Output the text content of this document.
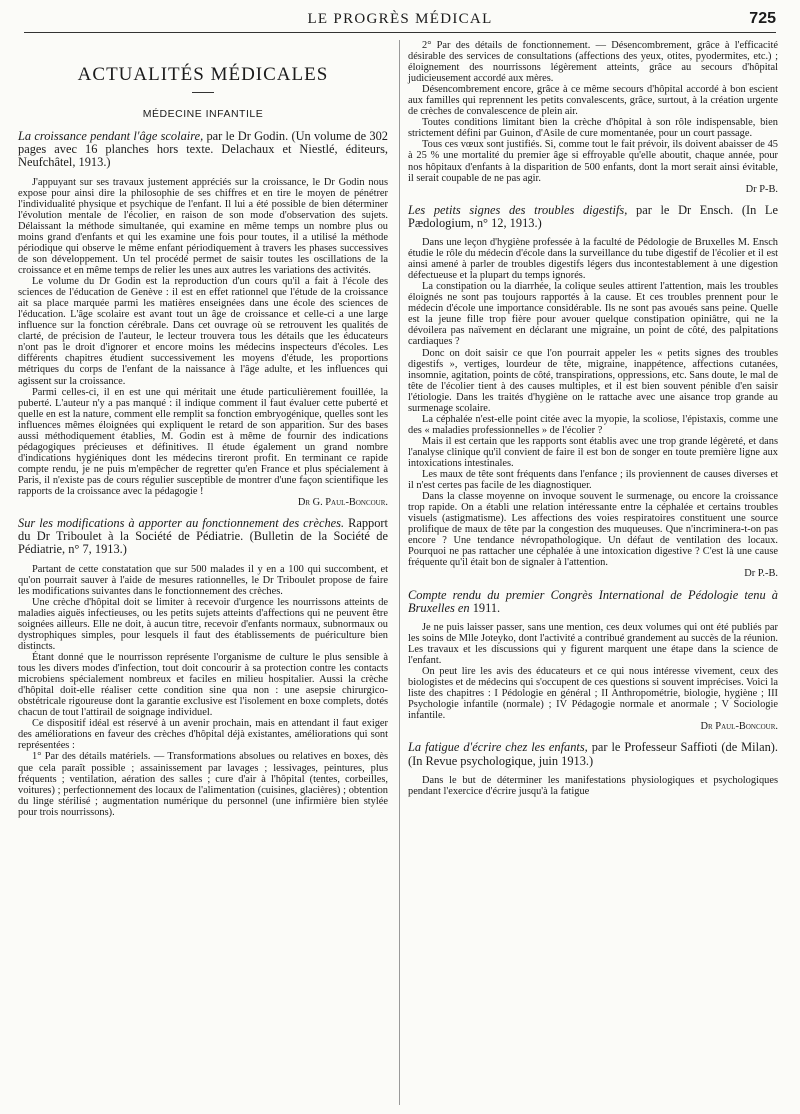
LE PROGRÈS MÉDICAL	725
ACTUALITÉS MÉDICALES
MÉDECINE INFANTILE
La croissance pendant l'âge scolaire, par le Dr Godin. (Un volume de 302 pages avec 16 planches hors texte. Delachaux et Niestlé, éditeurs, Neufchâtel, 1913.)

J'appuyant sur ses travaux justement appréciés sur la croissance, le Dr Godin nous expose pour ainsi dire la philosophie de ses chiffres et en tire le moyen de pénétrer l'individualité physique et psychique de l'enfant. Il lui a été possible de bien déterminer l'évolution mentale de l'écolier, en raison de son mode d'observation des sujets. Délaissant la méthode simultanée, qui examine en même temps un nombre plus ou moins grand d'enfants et qui les examine une fois pour toutes, il a utilisé la méthode périodique qui observe le même enfant périodiquement à travers les phases successives de son développement. Un tel procédé permet de saisir toutes les oscillations de la croissance et en même temps de relier les unes aux autres les variations des activités.

Le volume du Dr Godin est la reproduction d'un cours qu'il a fait à l'école des sciences de l'éducation de Genève : il est en effet rationnel que l'étude de la croissance ait sa place marquée parmi les matières enseignées dans une école des sciences de l'éducation. L'âge scolaire est avant tout un âge de croissance et celle-ci a une large influence sur la fonction cérébrale. Dans cet ouvrage où se retrouvent les qualités de clarté, de précision de l'auteur, le lecteur trouvera tous les détails que les éducateurs n'ont pas le droit d'ignorer et encore moins les médecins inspecteurs d'écoles. Les différents chapitres étudient successivement les moyens d'étude, les proportions métriques du corps de l'enfant de la naissance à l'âge adulte, et les influences qui agissent sur la croissance.

Parmi celles-ci, il en est une qui méritait une étude particulièrement fouillée, la puberté. L'auteur n'y a pas manqué : il indique comment il faut évaluer cette puberté et quelle en est la nature, comment elle remplit sa fonction embryogénique, quelles sont les influences mêmes éloignées qui expliquent le retard de son apparition. Sur des bases aussi méthodiquement établies, M. Godin est à même de fournir des indications pédagogiques précieuses et définitives. Il étude également un grand nombre d'indications hygiéniques dont les médecins tireront profit. En terminant ce rapide compte rendu, je ne puis m'empêcher de regretter qu'en France et plus spécialement à Paris, il n'existe pas de cours régulier susceptible de montrer d'une façon scientifique les rapports de la croissance avec la pédagogie !

Dr G. Paul-Boncour.
Sur les modifications à apporter au fonctionnement des crèches. Rapport du Dr Triboulet à la Société de Pédiatrie. (Bulletin de la Société de Pédiatrie, n° 7, 1913.)

Partant de cette constatation que sur 500 malades il y en a 100 qui succombent, et qu'on pourrait sauver à l'aide de mesures rationnelles, le Dr Triboulet propose de faire les modifications suivantes dans le fonctionnement des crèches.

Une crèche d'hôpital doit se limiter à recevoir d'urgence les nourrissons atteints de maladies aiguës infectieuses, ou les petits sujets atteints d'affections qui ne peuvent être soignées ailleurs. Elle ne doit, à aucun titre, recevoir d'enfants normaux, subnormaux ou dystrophiques simples, pour lesquels il faut des établissements de puériculture bien distincts.

Étant donné que le nourrisson représente l'organisme de culture le plus sensible à tous les divers modes d'infection, tout doit concourir à sa protection contre les contacts microbiens spécialement nombreux et faciles en milieu hospitalier. Aussi la crèche d'hôpital doit-elle réaliser cette condition sine qua non : une asepsie chirurgico-obstétricale rigoureuse dont la garantie exclusive est l'isolement en boxe complets, dotés chacun de tout l'attirail de soignage individuel.

Ce dispositif idéal est réservé à un avenir prochain, mais en attendant il faut exiger des améliorations en faveur des crèches d'hôpital déjà existantes, améliorations qui sont représentées :

1° Par des détails matériels. — Transformations absolues ou relatives en boxes, dès que cela paraît possible ; assainissement par lavages ; lessivages, peintures, plus fréquents ; ventilation, aération des salles ; cure d'air à l'hôpital (tentes, corbeilles, voitures) ; perfectionnement des locaux de l'alimentation (cuisines, glacières) ; obtention du linge stérilisé ; augmentation numérique du personnel (une infirmière bien stylée pour trois nourrissons).

2° Par des détails de fonctionnement. — Désencombrement, grâce à l'efficacité désirable des services de consultations (affections des yeux, otites, pyodermites, etc.) ; éloignement des nourrissons légèrement atteints, grâce au secours d'hôpital judicieusement accordé aux mères.

Désencombrement encore, grâce à ce même secours d'hôpital accordé à bon escient aux familles qui reprennent les petits convalescents, grâce, surtout, à la création urgente de crèches de convalescence de plein air.

Toutes conditions limitant bien la crèche d'hôpital à son rôle indispensable, bien strictement défini par Guinon, d'Asile de cure momentanée, pour un court passage.

Tous ces vœux sont justifiés. Si, comme tout le fait prévoir, ils doivent abaisser de 45 à 25 % une mortalité du premier âge si effroyable qu'elle aboutit, chaque année, pour nos hôpitaux d'enfants à la disparition de 500 enfants, dont la mort serait ainsi évitable, il serait coupable de ne pas agir.

Dr P-B.
Les petits signes des troubles digestifs, par le Dr Ensch. (In Le Pædologium, n° 12, 1913.)

Dans une leçon d'hygiène professée à la faculté de Pédologie de Bruxelles M. Ensch étudie le rôle du médecin d'école dans la surveillance du tube digestif de l'écolier et il est ainsi amené à parler de troubles digestifs légers dus incontestablement à une digestion défectueuse et la plupart du temps ignorés.

La constipation ou la diarrhée, la colique seules attirent l'attention, mais les troubles éloignés ne sont pas toujours rapportés à la cause. Et ces troubles prennent pour le médecin d'école une importance considérable. Ils ne sont pas avoués sans peine. Quelle est la jeune fille trop fière pour avouer quelque constipation opiniâtre, qui ne la dévoilera pas naïvement en déclarant une migraine, un point de côté, des palpitations cardiaques ?

Donc on doit saisir ce que l'on pourrait appeler les « petits signes des troubles digestifs », vertiges, lourdeur de tête, migraine, inappétence, affections cutanées, insomnie, agitation, points de côté, transpirations, oppressions, etc. Sans doute, le mal de tête de l'écolier tient à des causes multiples, et il est bien souvent pénible d'en saisir l'étiologie. Dans les traités d'hygiène on le rattache avec une aisance trop grande au surmenage scolaire.

La céphalée n'est-elle point citée avec la myopie, la scoliose, l'épistaxis, comme une des « maladies professionnelles » de l'écolier ?

Mais il est certain que les rapports sont établis avec une trop grande légèreté, et dans l'analyse clinique qu'il convient de faire il est bon de songer en toute première ligne aux intoxications intestinales.

Les maux de tête sont fréquents dans l'enfance ; ils proviennent de causes diverses et il n'est certes pas facile de les diagnostiquer.

Dans la classe moyenne on invoque souvent le surmenage, ou encore la croissance trop rapide. On a établi une relation intéressante entre la céphalée et certains troubles visuels (astigmatisme). Les affections des voies respiratoires constituent une source prolifique de maux de tête par la congestion des muqueuses. Que n'incriminera-t-on pas encore ? Une tendance névropathologique. Un défaut de ventilation des locaux. Pourquoi ne pas rattacher une céphalée à une intoxication digestive ? C'est là une cause fréquente qu'il était bon de signaler à l'attention.

Dr P.-B.
Compte rendu du premier Congrès International de Pédologie tenu à Bruxelles en 1911.

Je ne puis laisser passer, sans une mention, ces deux volumes qui ont été publiés par les soins de Mlle Joteyko, dont l'activité a contribué grandement au succès de la réunion. Les travaux et les discussions qui y figurent marquent une étape dans la science de l'enfant.

On peut lire les avis des éducateurs et ce qui nous intéresse vivement, ceux des biologistes et de médecins qui s'occupent de ces questions si souvent imprécises. Voici la liste des chapitres : I Pédologie en général ; II Anthropométrie, biologie, hygiène ; III Psychologie infantile (normale) ; IV Pédagogie normale et anormale ; V Sociologie infantile.

Dr Paul-Boncour.
La fatigue d'écrire chez les enfants, par le Professeur Saffioti (de Milan). (In Revue psychologique, juin 1913.)

Dans le but de déterminer les manifestations physiologiques et psychologiques pendant l'exercice d'écrire jusqu'à la fatigue
